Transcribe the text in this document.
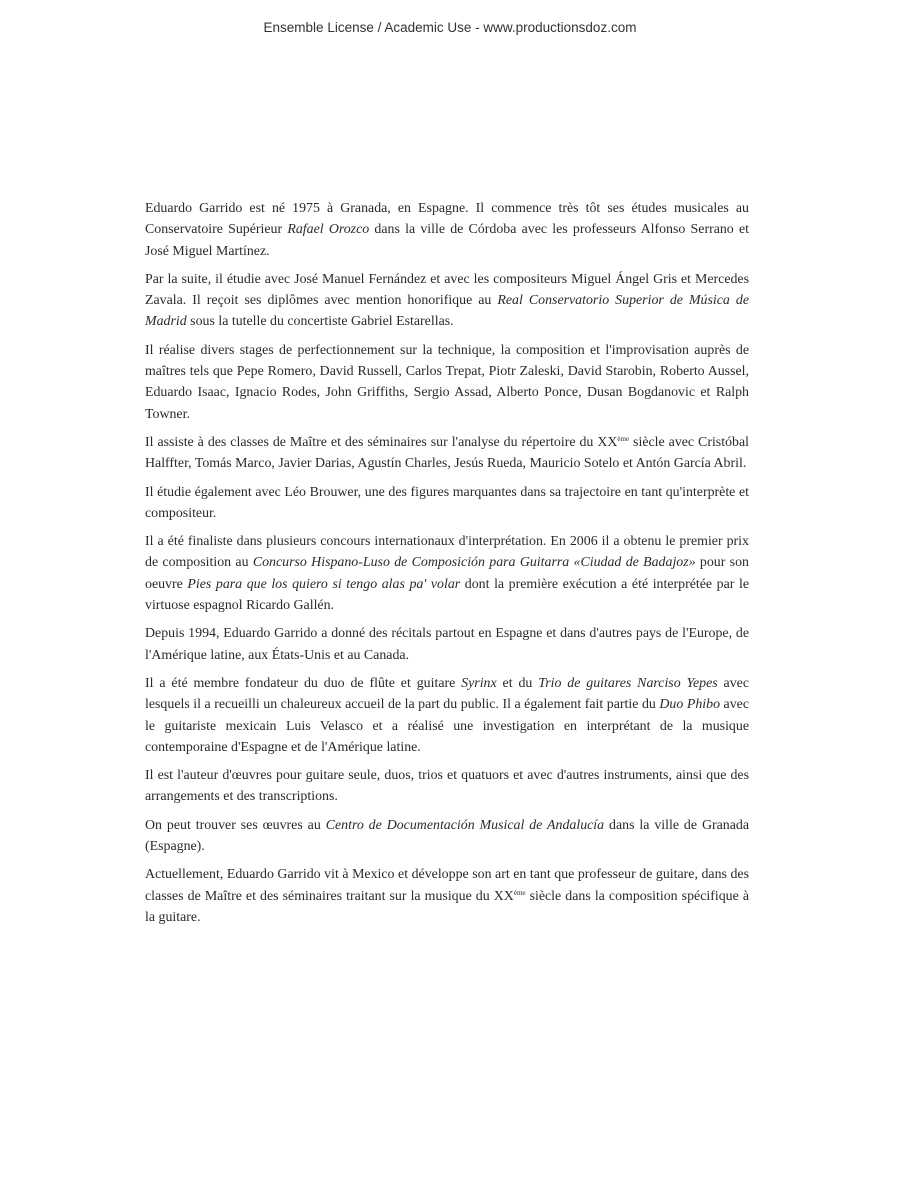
Ensemble License / Academic Use - www.productionsdoz.com

Eduardo Garrido est né 1975 à Granada, en Espagne. Il commence très tôt ses études musicales au Conservatoire Supérieur Rafael Orozco dans la ville de Córdoba avec les professeurs Alfonso Serrano et José Miguel Martínez.

Par la suite, il étudie avec José Manuel Fernández et avec les compositeurs Miguel Ángel Gris et Mercedes Zavala. Il reçoit ses diplômes avec mention honorifique au Real Conservatorio Superior de Música de Madrid sous la tutelle du concertiste Gabriel Estarellas.

Il réalise divers stages de perfectionnement sur la technique, la composition et l'improvisation auprès de maîtres tels que Pepe Romero, David Russell, Carlos Trepat, Piotr Zaleski, David Starobin, Roberto Aussel, Eduardo Isaac, Ignacio Rodes, John Griffiths, Sergio Assad, Alberto Ponce, Dusan Bogdanovic et Ralph Towner.

Il assiste à des classes de Maître et des séminaires sur l'analyse du répertoire du XXème siècle avec Cristóbal Halffter, Tomás Marco, Javier Darias, Agustín Charles, Jesús Rueda, Mauricio Sotelo et Antón García Abril.

Il étudie également avec Léo Brouwer, une des figures marquantes dans sa trajectoire en tant qu'interprète et compositeur.

Il a été finaliste dans plusieurs concours internationaux d'interprétation. En 2006 il a obtenu le premier prix de composition au Concurso Hispano-Luso de Composición para Guitarra «Ciudad de Badajoz» pour son oeuvre Pies para que los quiero si tengo alas pa' volar dont la première exécution a été interprétée par le virtuose espagnol Ricardo Gallén.

Depuis 1994, Eduardo Garrido a donné des récitals partout en Espagne et dans d'autres pays de l'Europe, de l'Amérique latine, aux États-Unis et au Canada.

Il a été membre fondateur du duo de flûte et guitare Syrinx et du Trio de guitares Narciso Yepes avec lesquels il a recueilli un chaleureux accueil de la part du public. Il a également fait partie du Duo Phibo avec le guitariste mexicain Luis Velasco et a réalisé une investigation en interprétant de la musique contemporaine d'Espagne et de l'Amérique latine.

Il est l'auteur d'œuvres pour guitare seule, duos, trios et quatuors et avec d'autres instruments, ainsi que des arrangements et des transcriptions.

On peut trouver ses œuvres au Centro de Documentación Musical de Andalucía dans la ville de Granada (Espagne).

Actuellement, Eduardo Garrido vit à Mexico et développe son art en tant que professeur de guitare, dans des classes de Maître et des séminaires traitant sur la musique du XXème siècle dans la composition spécifique à la guitare.
